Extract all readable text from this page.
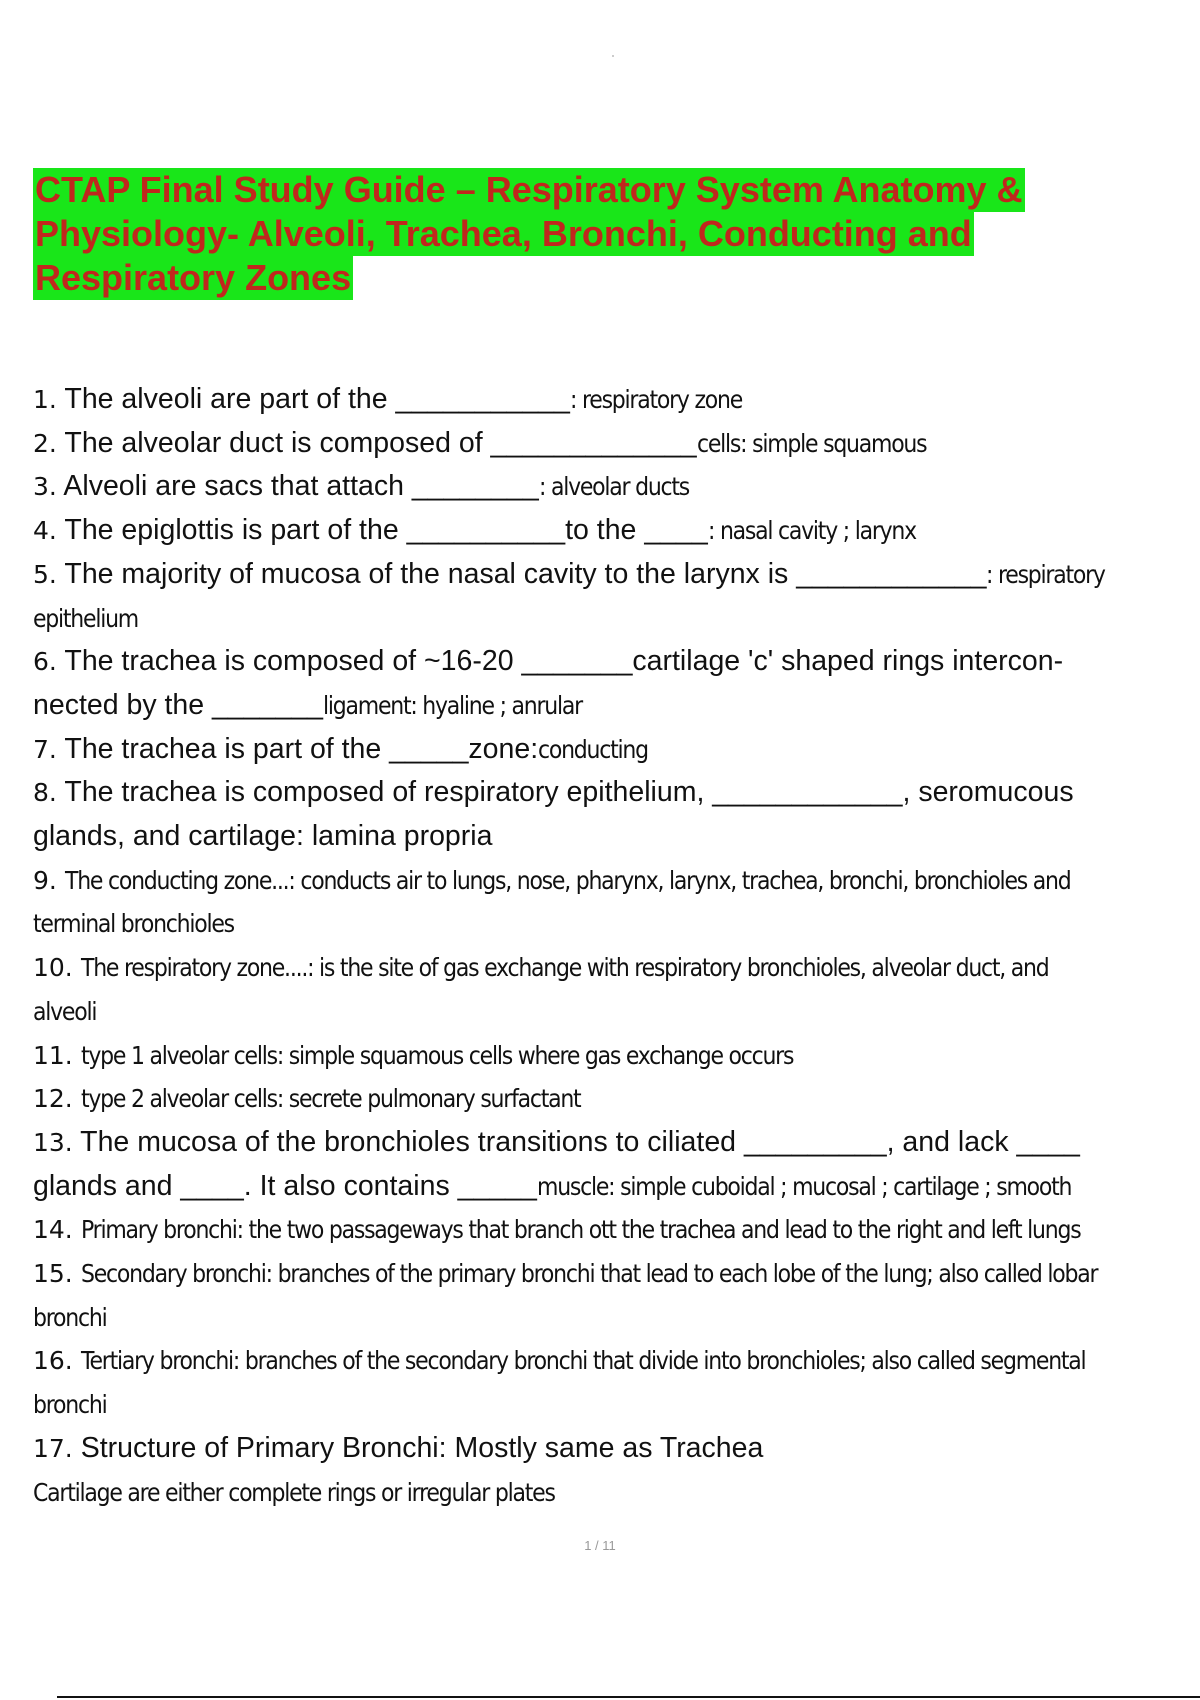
CTAP Final Study Guide – Respiratory System Anatomy &
Physiology- Alveoli, Trachea, Bronchi, Conducting and
Respiratory Zones
1. The alveoli are part of the ___________: respiratory zone
2. The alveolar duct is composed of _____________cells: simple squamous
3. Alveoli are sacs that attach ________: alveolar ducts
4. The epiglottis is part of the __________to the ____: nasal cavity ; larynx
5. The majority of mucosa of the nasal cavity to the larynx is ____________: respiratory
epithelium
6. The trachea is composed of ~16-20 _______cartilage 'c' shaped rings intercon-
nected by the _______ligament: hyaline ; anrular
7. The trachea is part of the _____zone:conducting
8. The trachea is composed of respiratory epithelium, ____________, seromucous
glands, and cartilage: lamina propria
9. The conducting zone...: conducts air to lungs, nose, pharynx, larynx, trachea, bronchi, bronchioles and
terminal bronchioles
10. The respiratory zone....: is the site of gas exchange with respiratory bronchioles, alveolar duct, and
alveoli
11. type 1 alveolar cells: simple squamous cells where gas exchange occurs
12. type 2 alveolar cells: secrete pulmonary surfactant
13. The mucosa of the bronchioles transitions to ciliated _________, and lack ____
glands and ____. It also contains _____muscle: simple cuboidal ; mucosal ; cartilage ; smooth
14. Primary bronchi: the two passageways that branch ott the trachea and lead to the right and left lungs
15. Secondary bronchi: branches of the primary bronchi that lead to each lobe of the lung; also called lobar
bronchi
16. Tertiary bronchi: branches of the secondary bronchi that divide into bronchioles; also called segmental
bronchi
17. Structure of Primary Bronchi: Mostly same as Trachea
Cartilage are either complete rings or irregular plates
1 / 11
